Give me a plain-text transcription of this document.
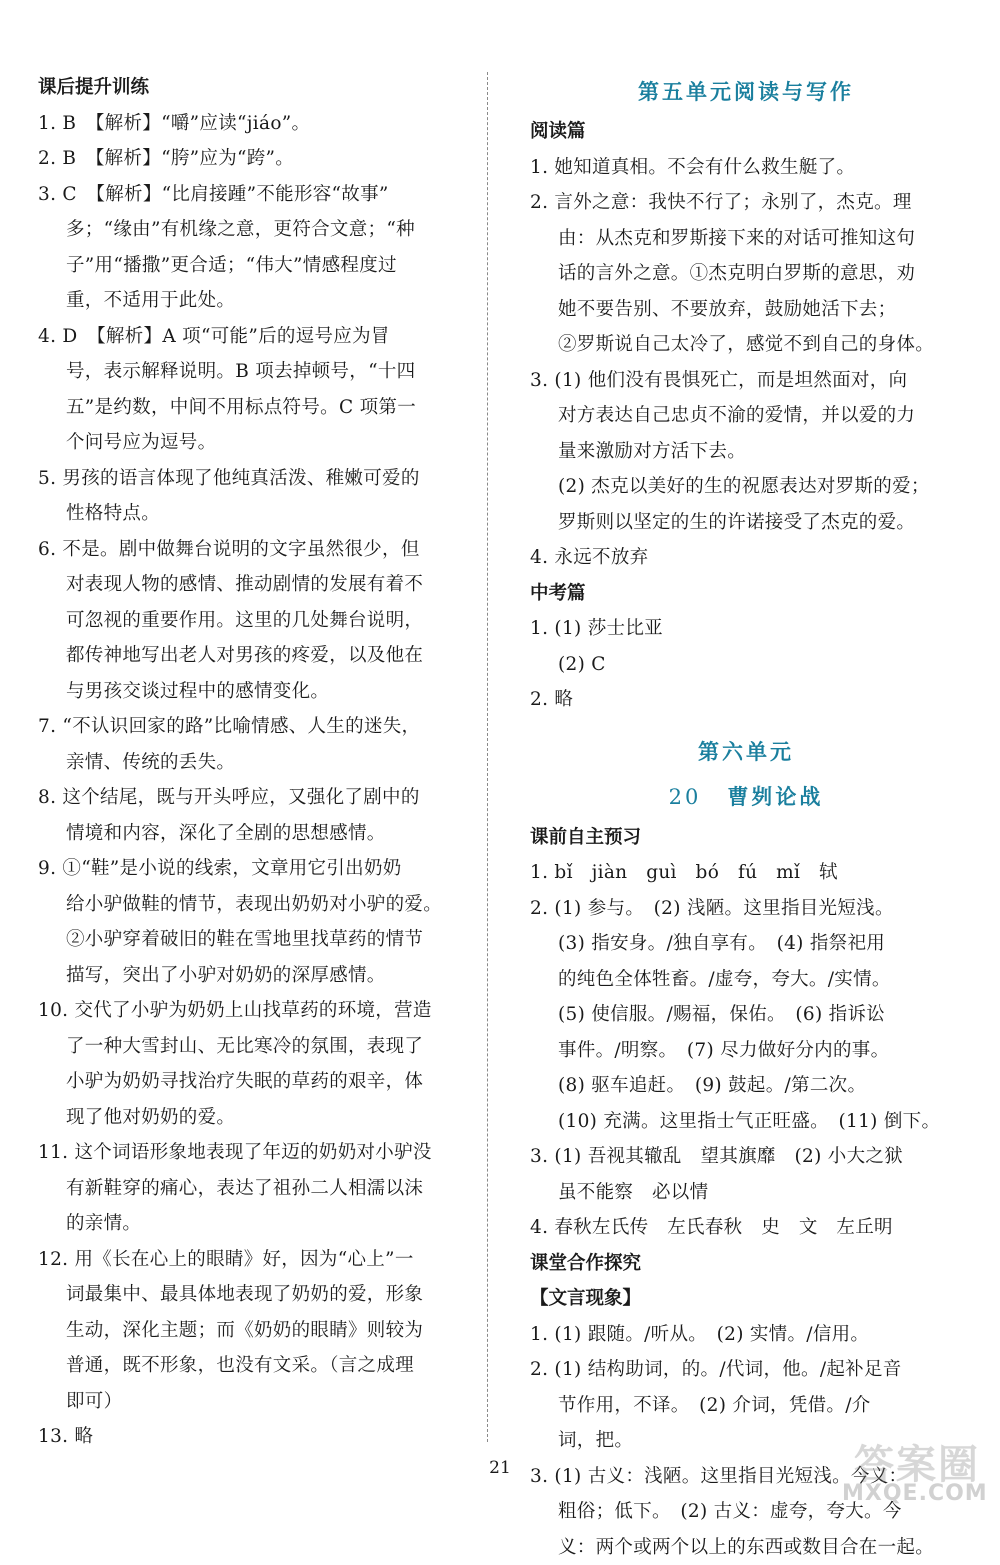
课后提升训练
1. B　【解析】“嚼”应读“jiáo”。
2. B　【解析】“胯”应为“跨”。
3. C　【解析】“比肩接踵”不能形容“故事”
多；“缘由”有机缘之意，更符合文意；“种
子”用“播撒”更合适；“伟大”情感程度过
重，不适用于此处。
4. D　【解析】A 项“可能”后的逗号应为冒
号，表示解释说明。B 项去掉顿号，“十四
五”是约数，中间不用标点符号。C 项第一
个问号应为逗号。
5. 男孩的语言体现了他纯真活泼、稚嫩可爱的
性格特点。
6. 不是。剧中做舞台说明的文字虽然很少，但
对表现人物的感情、推动剧情的发展有着不
可忽视的重要作用。这里的几处舞台说明，
都传神地写出老人对男孩的疼爱，以及他在
与男孩交谈过程中的感情变化。
7. “不认识回家的路”比喻情感、人生的迷失，
亲情、传统的丢失。
8. 这个结尾，既与开头呼应，又强化了剧中的
情境和内容，深化了全剧的思想感情。
9. ①“鞋”是小说的线索，文章用它引出奶奶
给小驴做鞋的情节，表现出奶奶对小驴的爱。
②小驴穿着破旧的鞋在雪地里找草药的情节
描写，突出了小驴对奶奶的深厚感情。
10. 交代了小驴为奶奶上山找草药的环境，营造
了一种大雪封山、无比寒冷的氛围，表现了
小驴为奶奶寻找治疗失眠的草药的艰辛，体
现了他对奶奶的爱。
11. 这个词语形象地表现了年迈的奶奶对小驴没
有新鞋穿的痛心，表达了祖孙二人相濡以沫
的亲情。
12. 用《长在心上的眼睛》好，因为“心上”一
词最集中、最具体地表现了奶奶的爱，形象
生动，深化主题；而《奶奶的眼睛》则较为
普通，既不形象，也没有文采。（言之成理
即可）
13. 略
第五单元阅读与写作
阅读篇
1. 她知道真相。不会有什么救生艇了。
2. 言外之意：我快不行了；永别了，杰克。理
由：从杰克和罗斯接下来的对话可推知这句
话的言外之意。①杰克明白罗斯的意思，劝
她不要告别、不要放弃，鼓励她活下去；
②罗斯说自己太冷了，感觉不到自己的身体。
3. (1) 他们没有畏惧死亡，而是坦然面对，向
对方表达自己忠贞不渝的爱情，并以爱的力
量来激励对方活下去。
(2) 杰克以美好的生的祝愿表达对罗斯的爱；
罗斯则以坚定的生的许诺接受了杰克的爱。
4. 永远不放弃
中考篇
1. (1) 莎士比亚
(2) C
2. 略
第六单元
20 曹刿论战
课前自主预习
1. bǐ　jiàn　guì　bó　fú　mǐ　轼
2. (1) 参与。　(2) 浅陋。这里指目光短浅。
(3) 指安身。/独自享有。　(4) 指祭祀用
的纯色全体牲畜。/虚夸，夸大。/实情。
(5) 使信服。/赐福，保佑。　(6) 指诉讼
事件。/明察。　(7) 尽力做好分内的事。
(8) 驱车追赶。　(9) 鼓起。/第二次。
(10) 充满。这里指士气正旺盛。　(11) 倒下。
3. (1) 吾视其辙乱　望其旗靡　(2) 小大之狱
虽不能察　必以情
4. 春秋左氏传　左氏春秋　史　文　左丘明
课堂合作探究
【文言现象】
1. (1) 跟随。/听从。　(2) 实情。/信用。
2. (1) 结构助词，的。/代词，他。/起补足音
节作用，不译。　(2) 介词，凭借。/介
词，把。
3. (1) 古义：浅陋。这里指目光短浅。今义：
粗俗；低下。　(2) 古义：虚夸，夸大。今
义：两个或两个以上的东西或数目合在一起。
21	答案圈
MXQE.COM
